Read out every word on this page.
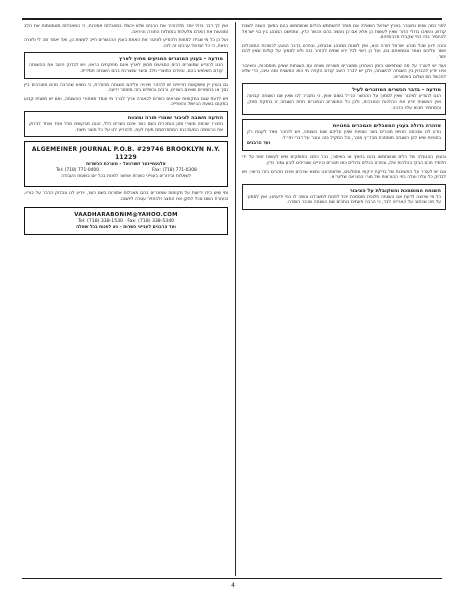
לפני כמה שנים נתעורר בארץ ישראל השאלה אם מותר להשתמש בכלים שנשתמשו בהם במשך השנה לשבת קודש, והשיבו גדולי הדור שאין לעשות כן אלא אם כן נעשה בהם הכשר כדין, ונתפשט המנהג בין בני ישראל להחמיר בזה כפי שקבלו מרבותיהם.

והנה ידוע שכל מנהג ישראל תורה הוא, ואין לשנות ממנהג אבותינו, ובפרט בדבר הנוגע לכשרות המאכלים אשר עליהם נאמר ונטמאתם בם, ועל כן ראוי לכל ירא שמים להזהר בזה ולא לסמוך על קולות שאין להם יסוד.

ועוד יש לעורר על מה שנתפשט בזמן האחרון שמוכרים מוצרים שונים עם השגחות שאינן מוסמכות, והציבור אינו יודע להבחין בין השגחה להשגחה, ולכן יש לברר היטב קודם הקניה מי הוא המשגיח ומה טיבו, כדי שלא להכשל חס ושלום באיסורים.

מודעה – בדבר הכשרים המוזכרים לעיל

הננו להודיע לציבור שאין לסמוך על ההכשר הנ״ל בשום אופן, כי נתברר לנו שאין שם השגחה קבועה ואין המשגיח יודע את ההלכות הנצרכות, ולכן כל המוצרים הנמכרים תחת השגחה זו בחזקת ספק, והמחמיר תבוא עליו ברכה.

אזהרה גדולה בענין המאכלים הנמכרים בחנויות

נודע לנו שבכמה חנויות מוכרים בשר ועופות שאין עליהם שום השגחה, ויש להזהר מאד לקנות רק בחנויות שיש להן השגחה מוסמכת מבד״ץ מוכר, וכל המקיל בזה עובר על דברי חז״ל.

ועד הרבנים

ובענין ההגעלה של כלים שנשתמשו בהם בחמץ או באיסור, כבר כתבו הפוסקים שיש לעשות זאת על ידי תלמיד חכם הבקי בהלכות אלו, ובפרט בכלים גדולים כמו תנורים וכיריים שצריכים ליבון גמור כדין.

וגם יש לעורר על החשיבות של בדיקת ירקות מתולעים, שלאחרונה נמצא שרבים אינם נזהרים בזה כראוי, ויש לבדוק כל עלה ועלה כפי ההוראות של מורי ההוראה שליט״א.

השגחה המוסמכת והמקובלת על הציבור

כל מי שרוצה לדעת אם השגחה פלונית מוסמכת יכול לפנות למשרדנו ונשיב לו כפי ידיעתנו, ואין לסמוך על מה שכתוב על האריזה לבד, כי הרבה פעמים כותבים שם השגחה שכבר הוסרה.

ואין לך דבר גדול יותר מלהזהיר את הרבים שלא יכשלו במאכלות אסורות, כי המאכלות מטמטמות את הלב ומונעות את האדם מלעלות במעלות התורה והיראה.

ועל כן כל מי שבידו למחות ולהודיע לציבור את האמת בענין ההכשרים חייב לעשות כן, ואל יאמר מה לי ולצרה הזאת, כי כל ישראל ערבים זה לזה.

מודעה – בענין המוצרים המגיעים מחוץ לארץ

הננו להודיע שמוצרים רבים המגיעים מחוץ לארץ אינם מפוקחים כראוי, ויש לבדוק היטב את ההשגחה קודם השימוש בהם, ובפרט במוצרי חלב ובשר שנצרכת בהם השגחה תמידית.

גם בענין יין ומשקאות חריפים יש להזהר שיהיה עליהם השגחה מהודרת, כי נמצא שהרבה מהם מעורבים ביין נסך או בחומרים שאינם כשרים, ורבים נכשלים בזה מחוסר ידיעה.

ויש לדעת שגם במקומות שנראים כשרים לכאורה צריך לברר מי עומד מאחורי ההשגחה, ואם יש משגיח קבוע במקום בשעת הבישול והאפייה.

הודעה חשובה לציבור שומרי תורה ומצוות

נתברר שכמה מוצרי מזון הנמכרים בשם כשר אינם כשרים כלל, והננו מבקשים מכל אחד ואחד לבדוק את הרשימה המעודכנת המתפרסמת מעת לעת, ולהודיע לנו על כל מוצר חשוד.

ALGEMEINER JOURNAL P.O.B. #29746 BROOKLYN N.Y. 11229
אלגעמיינער זשורנאל – מערכת הכשרות
Tel: (718) 771-0400	Fax: (718) 771-0308

לשאלות ובירורים בענייני כשרות אפשר לפנות בכל יום בשעות העבודה

ומי שיש בידו ידיעות על מקומות שמוכרים בהם מאכלות אסורות בשם כשר, יודיע לנו ונבדוק הדבר על בוריו, ובעזרת השם נוכל לתקן את המצב ולהחזיר עטרה ליושנה.

VAADHARABONIM@YAHOO.COM
Tel: (718) 338-1530 · Fax: (718) 338-5340
ועד הרבנים לענייני כשרות – נא לפנות בכל שאלה
4
